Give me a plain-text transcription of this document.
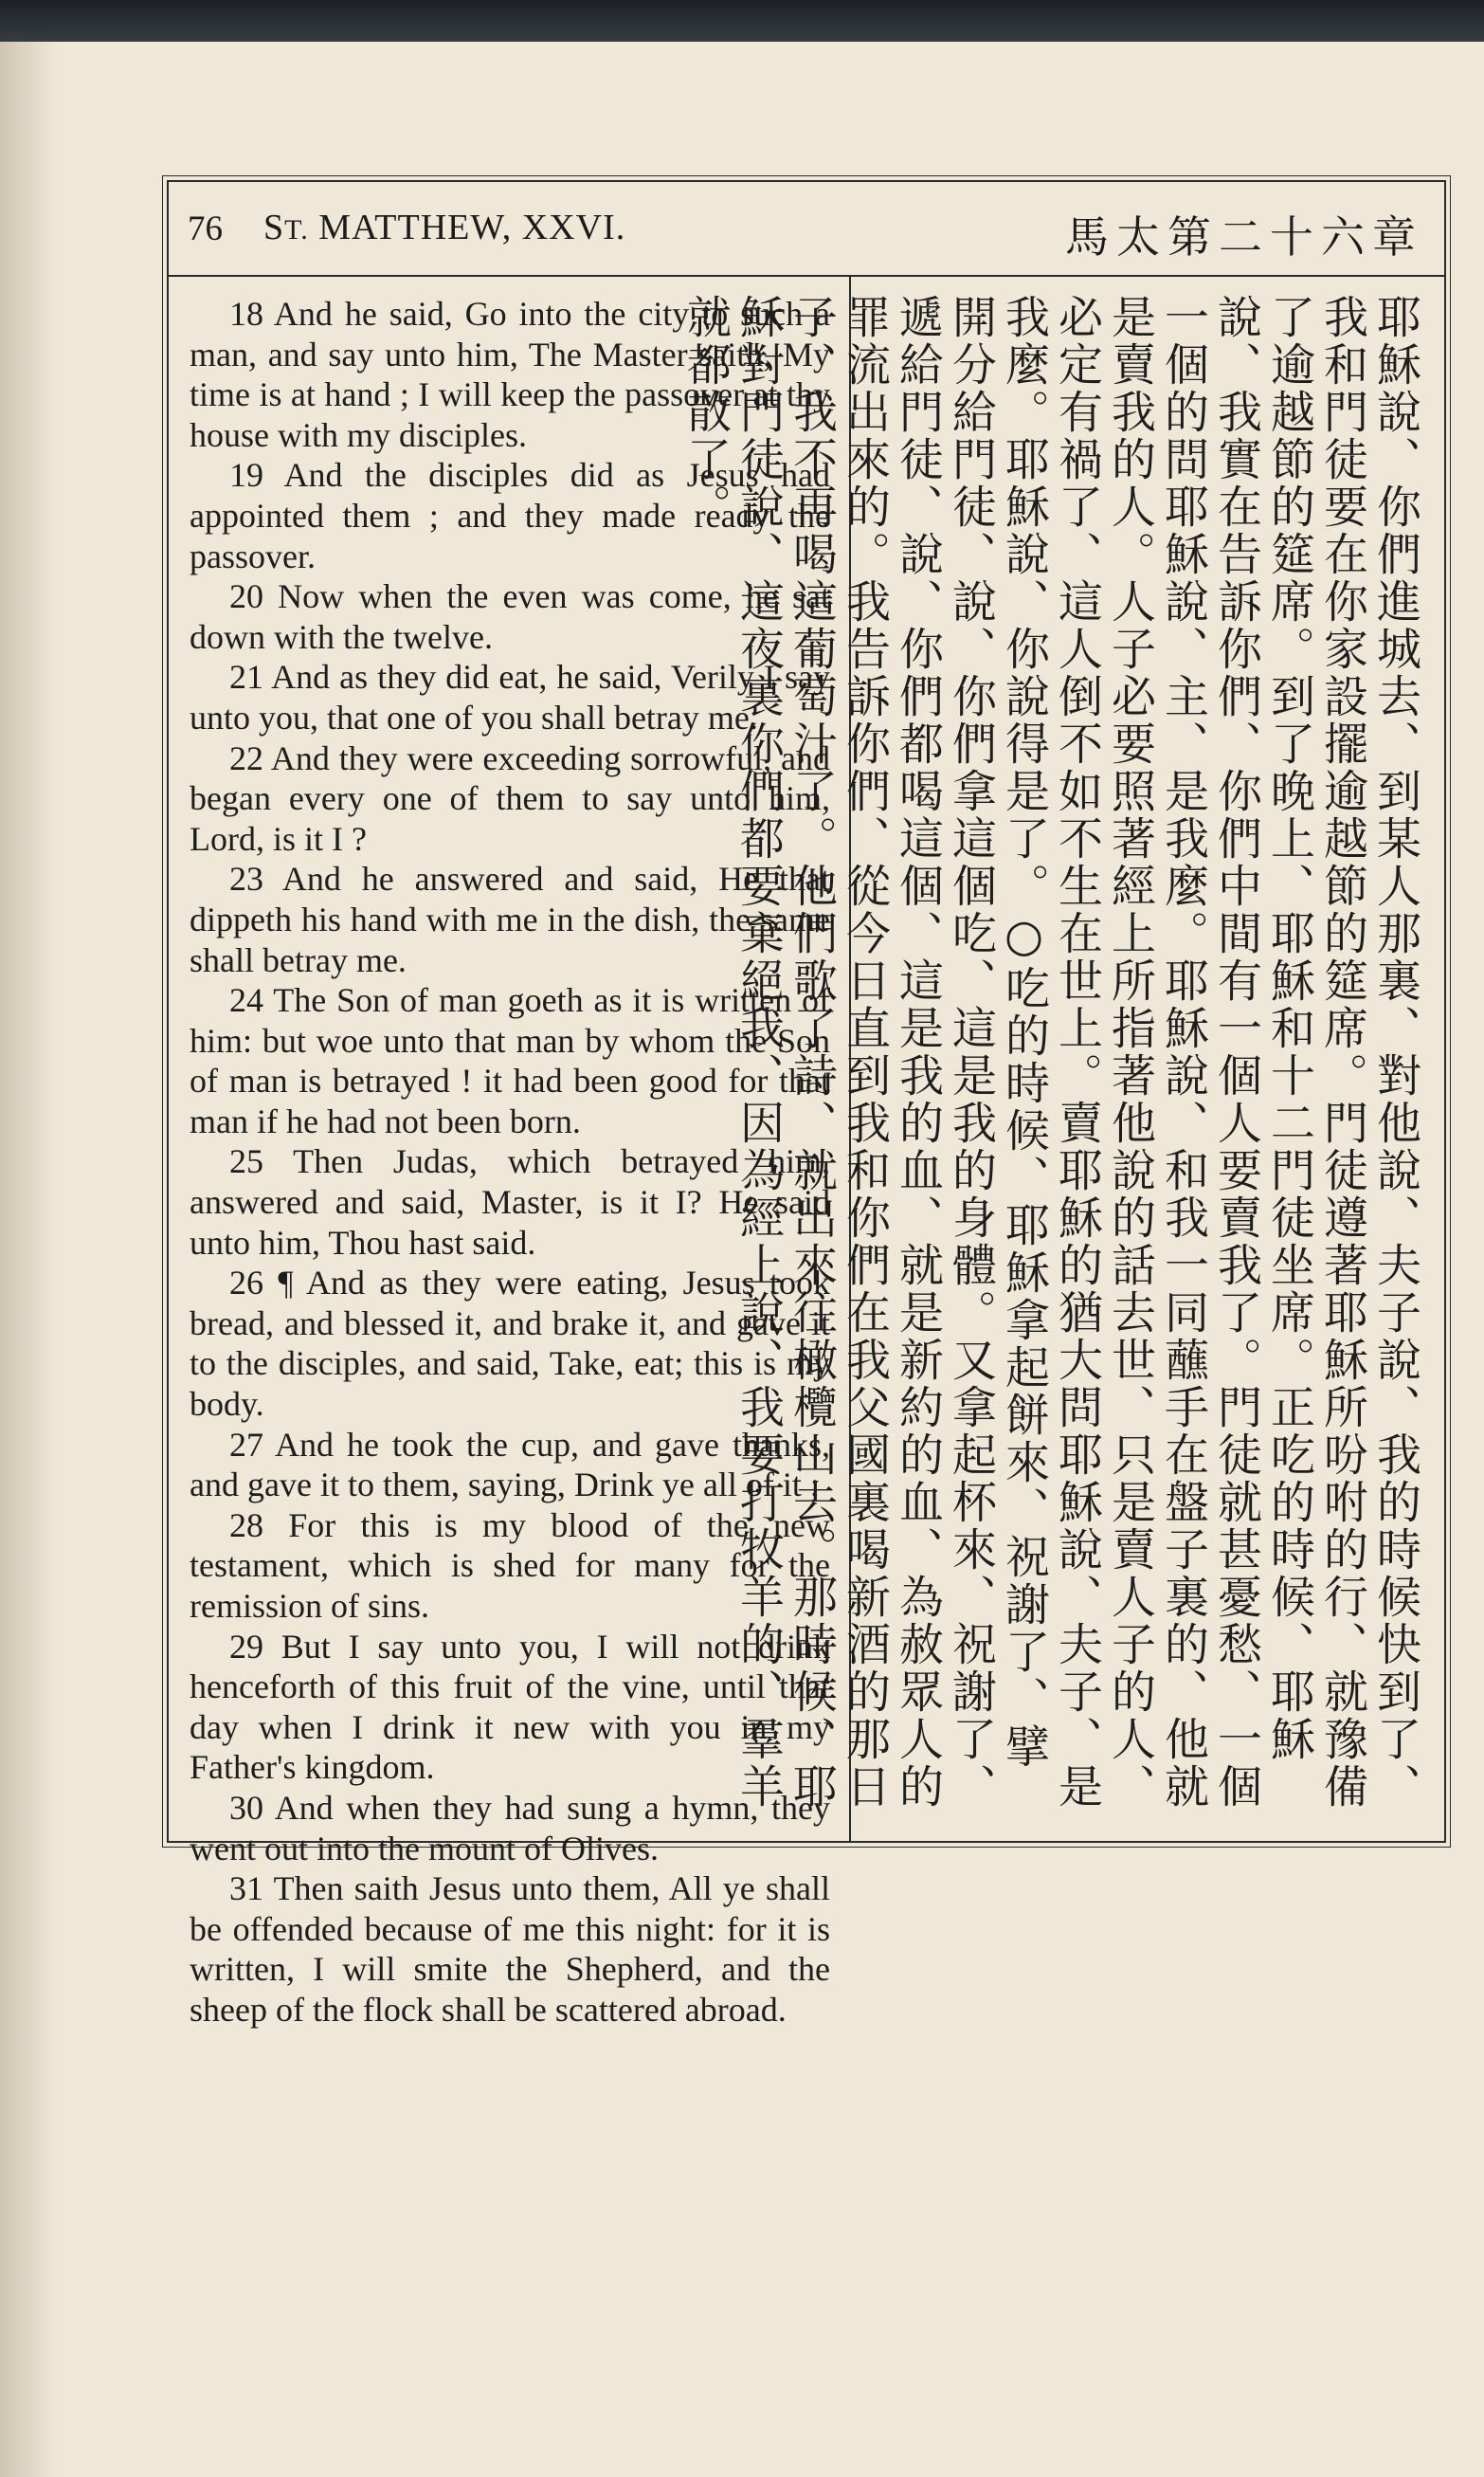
76 ST. MATTHEW, XXVI.	馬太第二十六章

18 And he said, Go into the city to such a man, and say unto him, The Master saith, My time is at hand ; I will keep the passover at thy house with my disciples.

19 And the disciples did as Jesus had appointed them ; and they made ready the passover.

20 Now when the even was come, he sat down with the twelve.

21 And as they did eat, he said, Verily I say unto you, that one of you shall betray me.

22 And they were exceeding sorrowful, and began every one of them to say unto him, Lord, is it I ?

23 And he answered and said, He that dippeth his hand with me in the dish, the same shall betray me.

24 The Son of man goeth as it is written of him: but woe unto that man by whom the Son of man is betrayed ! it had been good for that man if he had not been born.

25 Then Judas, which betrayed him, answered and said, Master, is it I? He said unto him, Thou hast said.

26 ¶ And as they were eating, Jesus took bread, and blessed it, and brake it, and gave it to the disciples, and said, Take, eat; this is my body.

27 And he took the cup, and gave thanks, and gave it to them, saying, Drink ye all of it ;

28 For this is my blood of the new testament, which is shed for many for the remission of sins.

29 But I say unto you, I will not drink henceforth of this fruit of the vine, until that day when I drink it new with you in my Father's kingdom.

30 And when they had sung a hymn, they went out into the mount of Olives.

31 Then saith Jesus unto them, All ye shall be offended because of me this night: for it is written, I will smite the Shepherd, and the sheep of the flock shall be scattered abroad.

耶穌說、你們進城去、到某人那裏、對他說、夫子說、我的時候快到了、我和門徒要在你家設擺逾越節的筵席。門徒遵著耶穌所吩咐的行、就豫備了逾越節的筵席。到了晚上、耶穌和十二門徒坐席。正吃的時候、耶穌說、我實在告訴你們、你們中間有一個人要賣我了。門徒就甚憂愁、一個一個的問耶穌說、主、是我麼。耶穌說、和我一同蘸手在盤子裏的、他就是賣我的人。人子必要照著經上所指著他說的話去世、只是賣人子的人、必定有禍了、這人倒不如不生在世上。賣耶穌的猶大問耶穌說、夫子、是我麼。耶穌說、你說得是了。○吃的時候、耶穌拿起餅來、祝謝了、擘開分給門徒、說、你們拿這個吃、這是我的身體。又拿起杯來、祝謝了、遞給門徒、說、你們都喝這個、這是我的血、就是新約的血、為赦眾人的罪流出來的。我告訴你們、從今日直到我和你們在我父國裏喝新酒的那日子、我不再喝這葡萄汁了。他們歌了詩、就出來往橄欖山去。那時候、耶穌對門徒說、這夜裏你們都要棄絕我、因為經上說、我要打牧羊的、羣羊就都散了。
